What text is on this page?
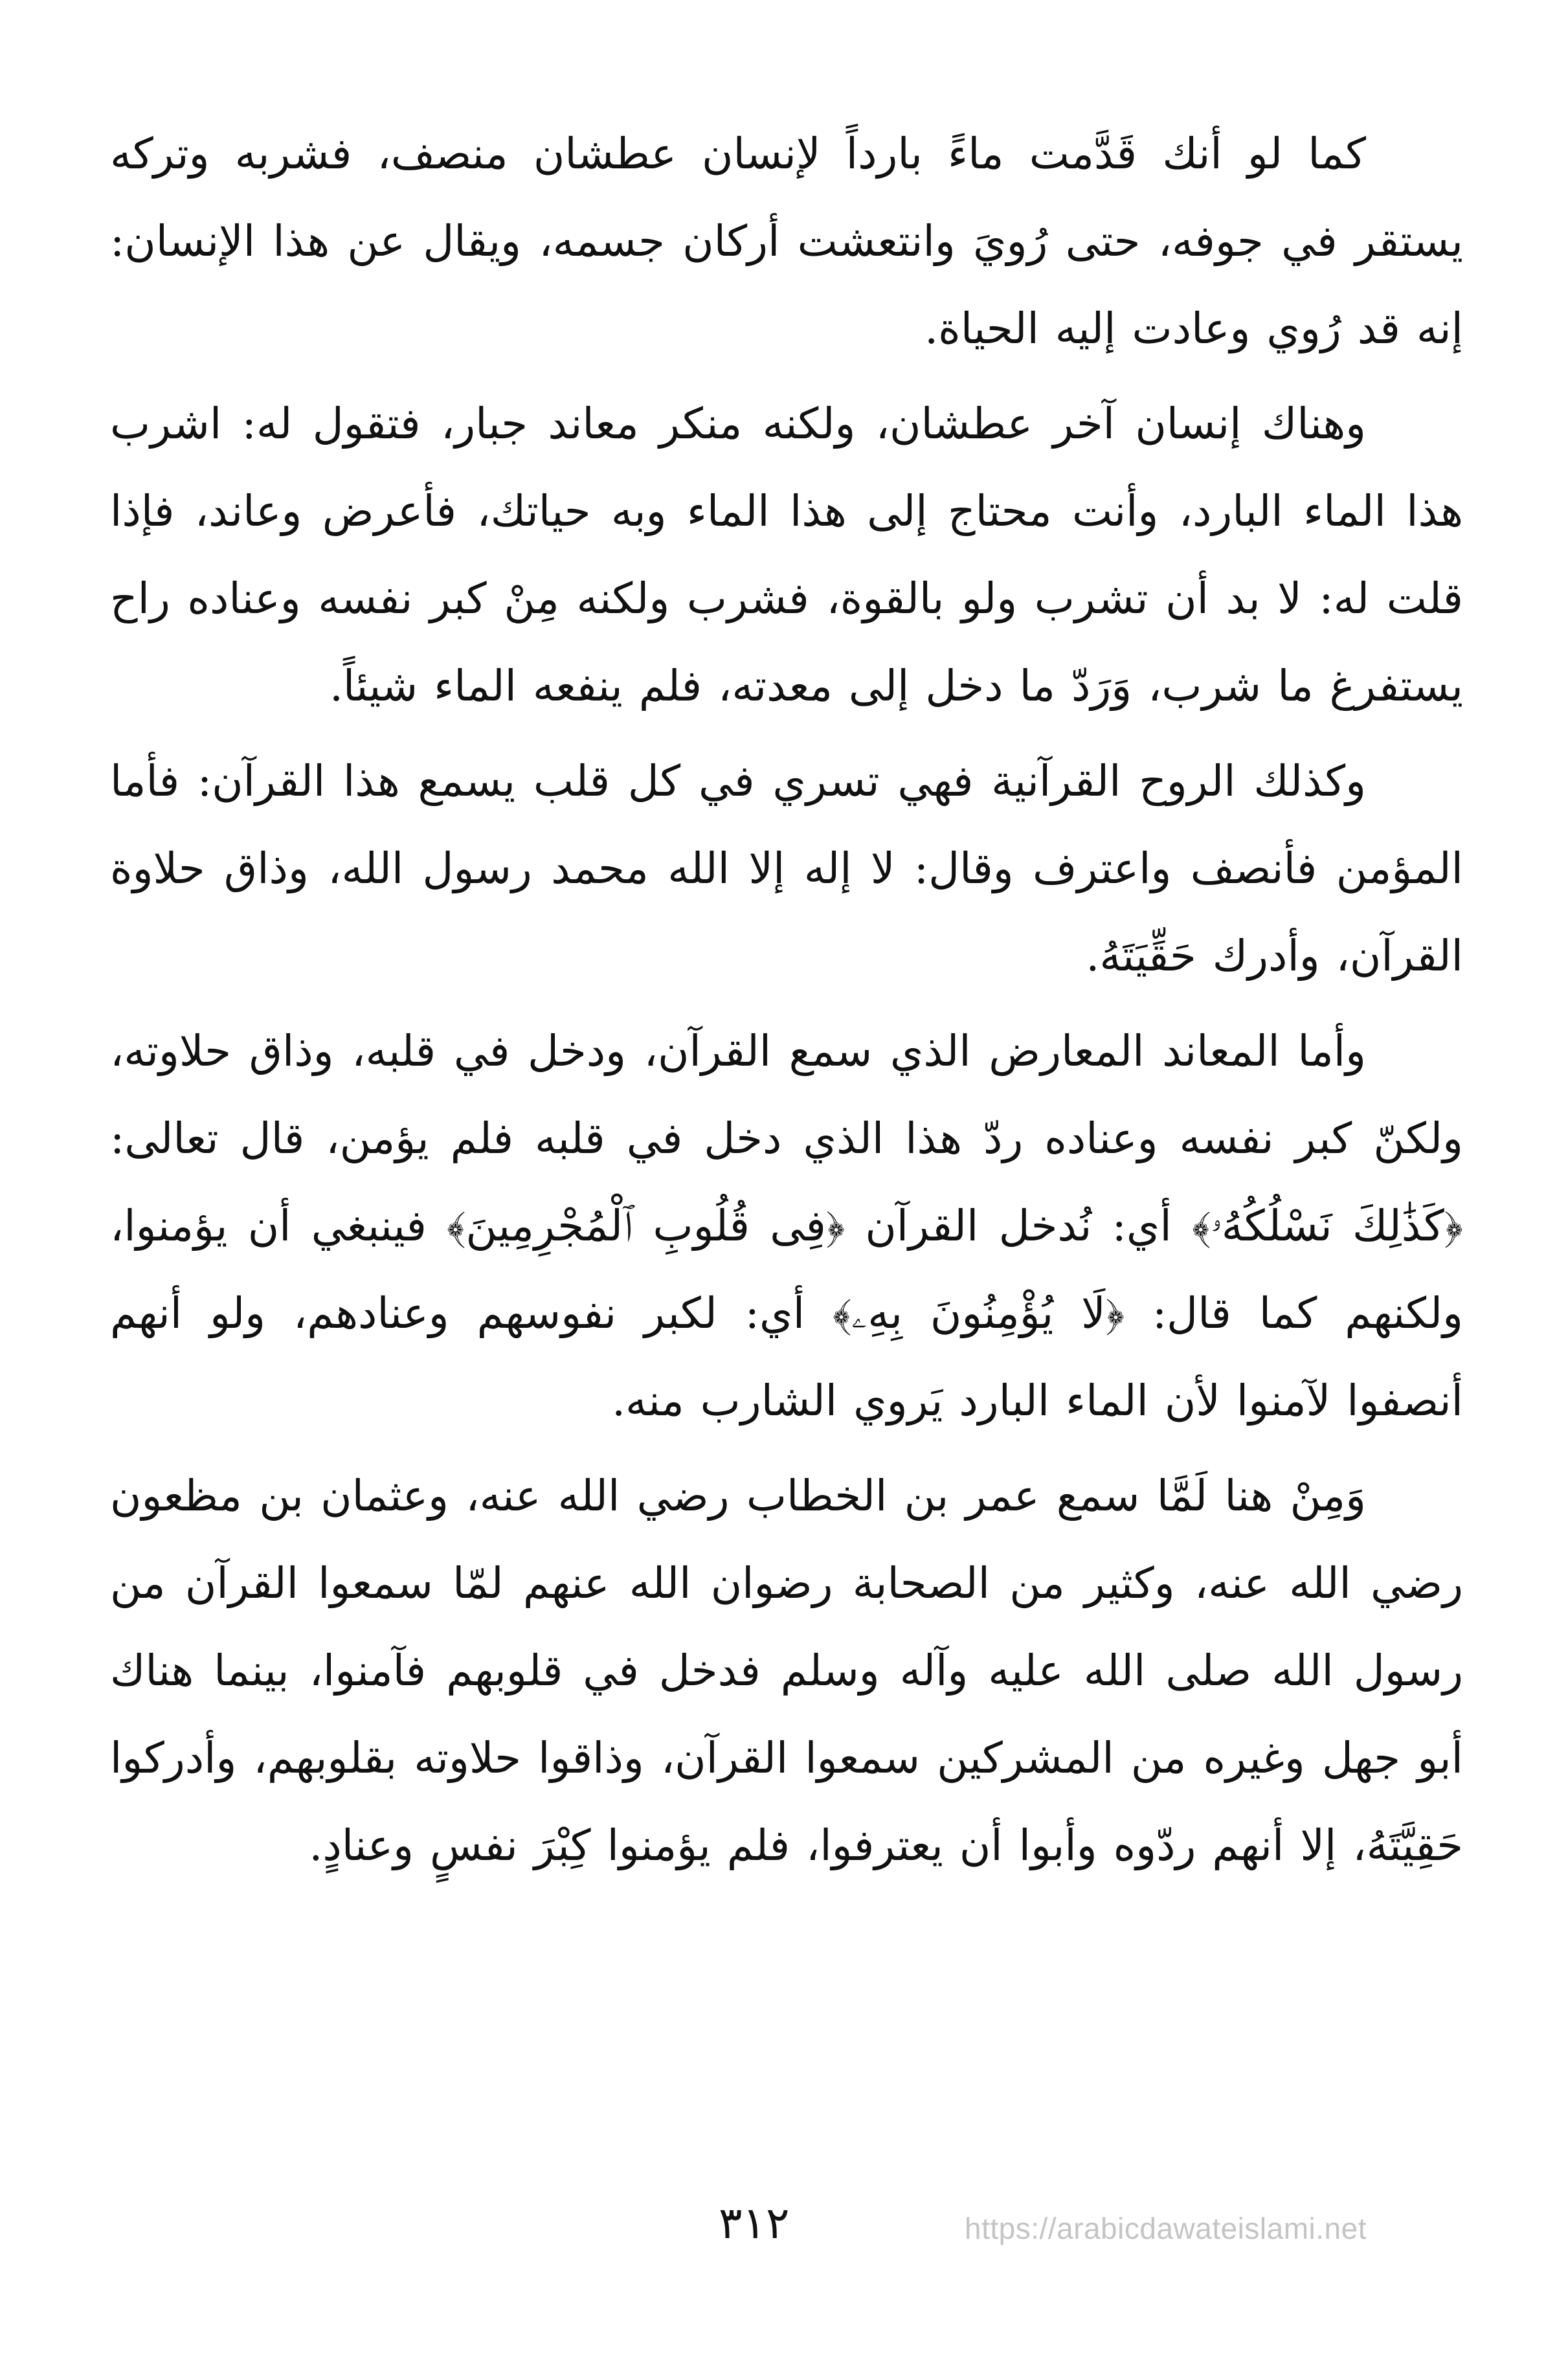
كما لو أنك قَدَّمت ماءً بارداً لإنسان عطشان منصف، فشربه وتركه يستقر في جوفه، حتى رُويَ وانتعشت أركان جسمه، ويقال عن هذا الإنسان: إنه قد رُوي وعادت إليه الحياة.

وهناك إنسان آخر عطشان، ولكنه منكر معاند جبار، فتقول له: اشرب هذا الماء البارد، وأنت محتاج إلى هذا الماء وبه حياتك، فأعرض وعاند، فإذا قلت له: لا بد أن تشرب ولو بالقوة، فشرب ولكنه مِنْ كبر نفسه وعناده راح يستفرغ ما شرب، وَرَدّ ما دخل إلى معدته، فلم ينفعه الماء شيئاً.

وكذلك الروح القرآنية فهي تسري في كل قلب يسمع هذا القرآن: فأما المؤمن فأنصف واعترف وقال: لا إله إلا الله محمد رسول الله، وذاق حلاوة القرآن، وأدرك حَقِّيَتَهُ.

وأما المعاند المعارض الذي سمع القرآن، ودخل في قلبه، وذاق حلاوته، ولكنّ كبر نفسه وعناده ردّ هذا الذي دخل في قلبه فلم يؤمن، قال تعالى: ﴿كَذَٰلِكَ نَسْلُكُهُۥ﴾ أي: نُدخل القرآن ﴿فِى قُلُوبِ ٱلْمُجْرِمِينَ﴾ فينبغي أن يؤمنوا، ولكنهم كما قال: ﴿لَا يُؤْمِنُونَ بِهِۦ﴾ أي: لكبر نفوسهم وعنادهم، ولو أنهم أنصفوا لآمنوا لأن الماء البارد يَروي الشارب منه.

وَمِنْ هنا لَمَّا سمع عمر بن الخطاب رضي الله عنه، وعثمان بن مظعون رضي الله عنه، وكثير من الصحابة رضوان الله عنهم لمّا سمعوا القرآن من رسول الله صلى الله عليه وآله وسلم فدخل في قلوبهم فآمنوا، بينما هناك أبو جهل وغيره من المشركين سمعوا القرآن، وذاقوا حلاوته بقلوبهم، وأدركوا حَقِيَّتَهُ، إلا أنهم ردّوه وأبوا أن يعترفوا، فلم يؤمنوا كِبْرَ نفسٍ وعنادٍ.

٣١٢	https://arabicdawateislami.net
